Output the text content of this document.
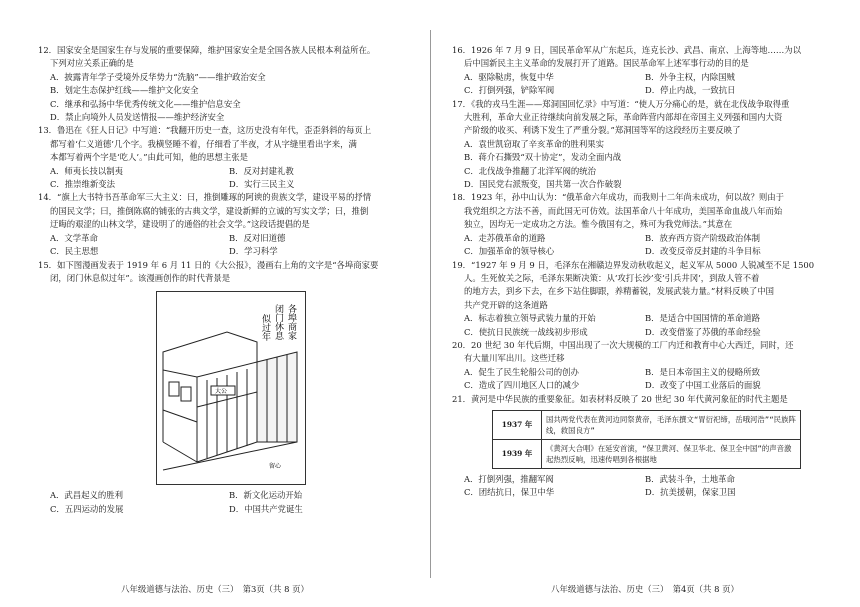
12．国家安全是国家生存与发展的重要保障，维护国家安全是全国各族人民根本利益所在。
下列对应关系正确的是
A．披露青年学子受境外反华势力“洗脑”——维护政治安全
B．划定生态保护红线——维护文化安全
C．继承和弘扬中华优秀传统文化——维护信息安全
D．禁止向境外人员发送情报——维护经济安全
13．鲁迅在《狂人日记》中写道：“我翻开历史一查，这历史没有年代，歪歪斜斜的每页上
都写着‘仁义道德’几个字。我横竖睡不着，仔细看了半夜，才从字缝里看出字来，满
本都写着两个字是‘吃人’。”由此可知，他的思想主张是
A．师夷长技以制夷	B．反对封建礼教
C．推崇维新变法	D．实行三民主义
14．“旗上大书特书吾革命军三大主义：曰，推倒雕琢的阿谀的贵族文学，建设平易的抒情
的国民文学；曰，推倒陈腐的铺张的古典文学，建设新鲜的立诚的写实文学；曰，推倒
迂晦的艰涩的山林文学，建设明了的通俗的社会文学。”这段话提倡的是
A．文学革命	B．反对旧道德
C．民主思想	D．学习科学
15．如下图漫画发表于 1919 年 6 月 11 日的《大公报》，漫画右上角的文字是“各埠商家要
闭，闭门休息似过年”。该漫画创作的时代背景是
各埠商家
闭门休息
似过年
大公
留心
A．武昌起义的胜利	B．新文化运动开始
C．五四运动的发展	D．中国共产党诞生
八年级道德与法治、历史（三）　第3页（共 8 页）
16．1926 年 7 月 9 日，国民革命军从广东起兵，连克长沙、武昌、南京、上海等地……为以
后中国新民主主义革命的发展打开了道路。国民革命军上述军事行动的目的是
A．驱除鞑虏，恢复中华	B．外争主权，内除国贼
C．打倒列强，铲除军阀	D．停止内战，一致抗日
17．《我的戎马生涯——郑洞国回忆录》中写道：“使人万分痛心的是，就在北伐战争取得重
大胜利，革命大业正待继续向前发展之际，革命阵营内部却在帝国主义列强和国内大资
产阶级的收买、利诱下发生了严重分裂。”郑洞国等军的这段经历主要反映了
A．袁世凯窃取了辛亥革命的胜利果实
B．蒋介石撕毁“双十协定”，发动全面内战
C．北伐战争推翻了北洋军阀的统治
D．国民党右派叛变，国共第一次合作破裂
18．1923 年，孙中山认为：“俄革命六年成功，而我则十二年尚未成功，何以故？则由于
我党组织之方法不善，而此国无可仿效。法国革命八十年成功，美国革命血战八年而始
独立，因均无一定成功之方法。惟今俄国有之，殊可为我党师法。”其意在
A．走苏俄革命的道路	B．放弃西方资产阶级政治体制
C．加强革命的领导核心	D．改变反帝反封建的斗争目标
19．“1927 年 9 月 9 日，毛泽东在湘赣边界发动秋收起义，起义军从 5000 人锐减至不足 1500
人。生死攸关之际，毛泽东果断决策：从‘攻打长沙’变‘引兵井冈’，到敌人管不着
的地方去，到乡下去，在乡下站住脚跟，养精蓄锐，发展武装力量。”材料反映了中国
共产党开辟的这条道路
A．标志着独立领导武装力量的开始	B．是适合中国国情的革命道路
C．使抗日民族统一战线初步形成	D．改变借鉴了苏俄的革命经验
20．20 世纪 30 年代后期，中国出现了一次大规模的工厂内迁和教育中心大西迁，同时，还
有大量川军出川。这些迁移
A．促生了民生轮船公司的创办	B．是日本帝国主义的侵略所致
C．造成了四川地区人口的减少	D．改变了中国工业落后的面貌
21．黄河是中华民族的重要象征。如表材料反映了 20 世纪 30 年代黄河象征的时代主题是
1937 年	国共两党代表在黄河边同祭黄帝，毛泽东撰文“胃衍祀缔，岳哦河浩”“民族阵线，救国良方”
1939 年	《黄河大合唱》在延安首演，“保卫黄河、保卫华北、保卫全中国”的声音激起热烈反响，迅速传唱到各根据地
A．打倒列强，推翻军阀	B．武装斗争，土地革命
C．团结抗日，保卫中华	D．抗美援朝，保家卫国
八年级道德与法治、历史（三）　第4页（共 8 页）
